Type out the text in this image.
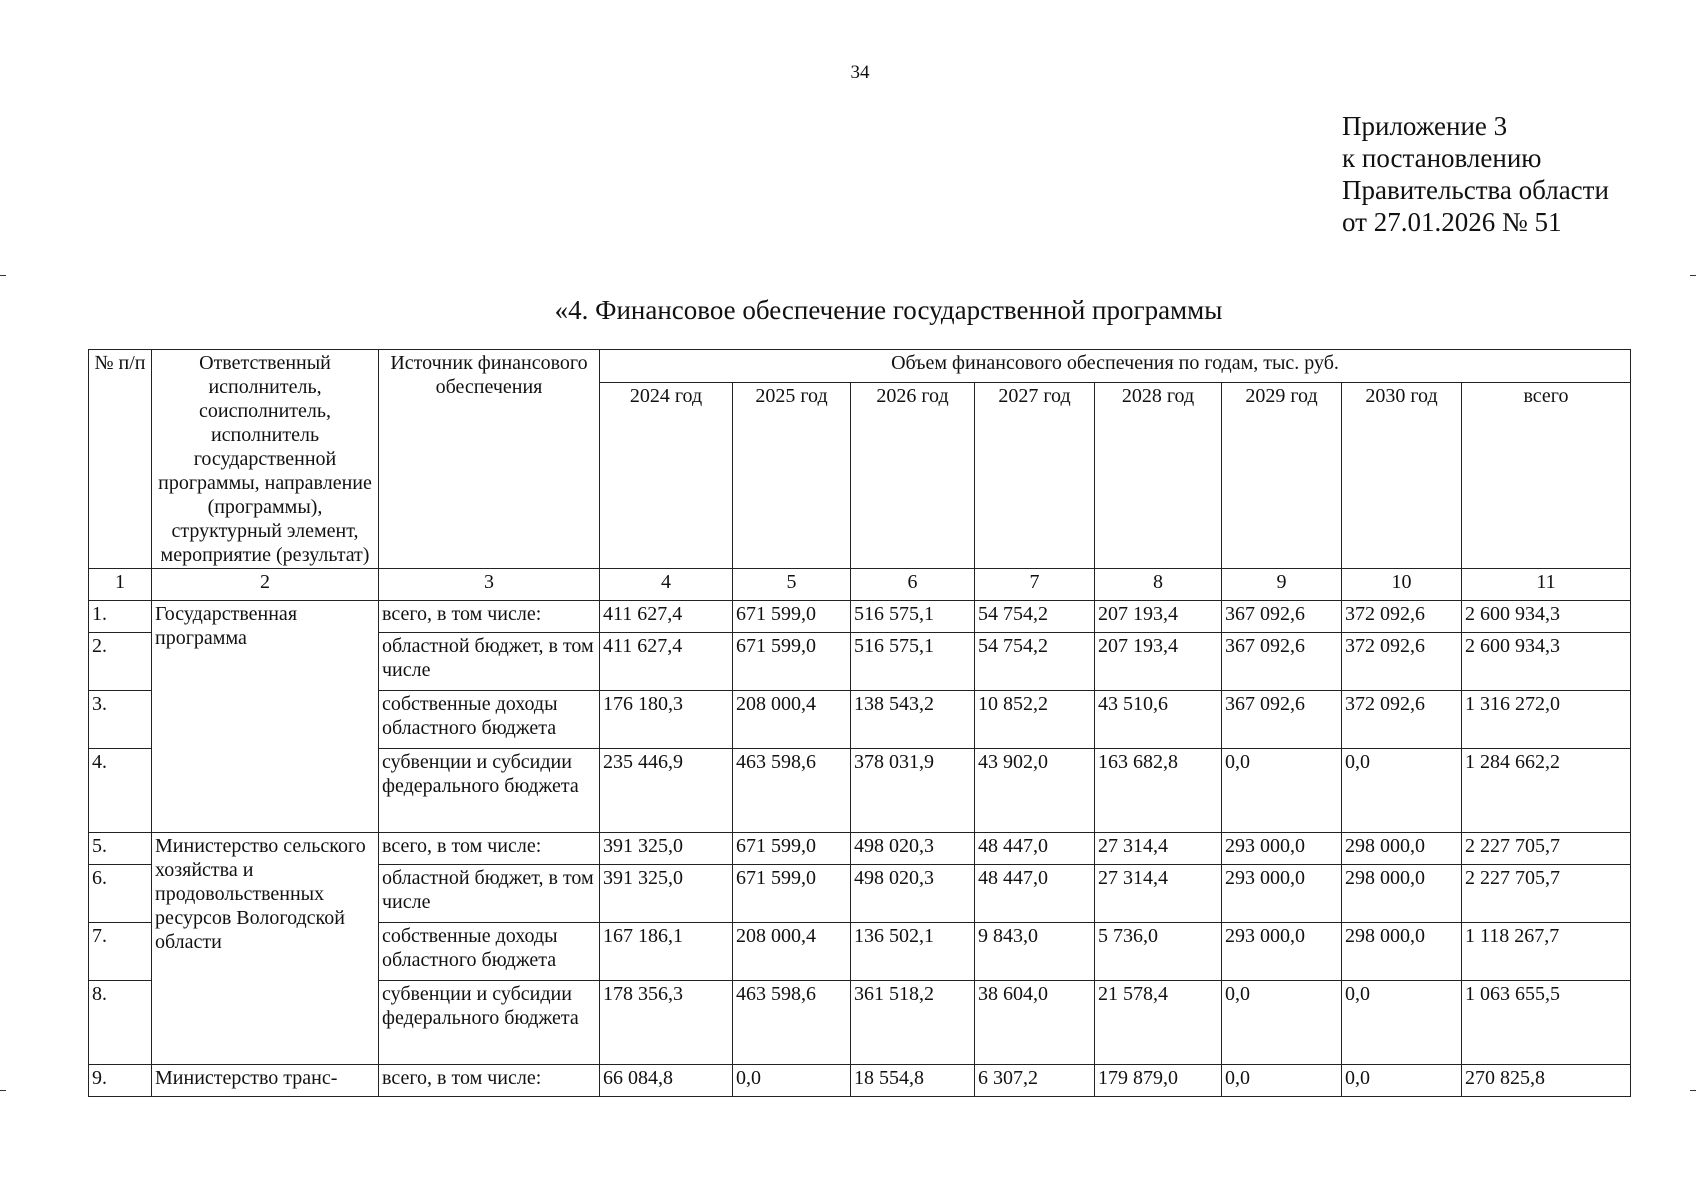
34
Приложение 3
к постановлению
Правительства области
от 27.01.2026 № 51
«4. Финансовое обеспечение государственной программы
№ п/п	Ответственный исполнитель, соисполнитель, исполнитель государственной программы, направление (программы), структурный элемент, мероприятие (результат)	Источник финансового обеспечения	Объем финансового обеспечения по годам, тыс. руб.							
			2024 год	2025 год	2026 год	2027 год	2028 год	2029 год	2030 год	всего
1	2	3	4	5	6	7	8	9	10	11
1.	Государственная программа	всего, в том числе:	411 627,4	671 599,0	516 575,1	54 754,2	207 193,4	367 092,6	372 092,6	2 600 934,3
2.		областной бюджет, в том числе	411 627,4	671 599,0	516 575,1	54 754,2	207 193,4	367 092,6	372 092,6	2 600 934,3
3.		собственные доходы областного бюджета	176 180,3	208 000,4	138 543,2	10 852,2	43 510,6	367 092,6	372 092,6	1 316 272,0
4.		субвенции и субсидии федерального бюджета	235 446,9	463 598,6	378 031,9	43 902,0	163 682,8	0,0	0,0	1 284 662,2
5.	Министерство сельского хозяйства и продовольственных ресурсов Вологодской области	всего, в том числе:	391 325,0	671 599,0	498 020,3	48 447,0	27 314,4	293 000,0	298 000,0	2 227 705,7
6.		областной бюджет, в том числе	391 325,0	671 599,0	498 020,3	48 447,0	27 314,4	293 000,0	298 000,0	2 227 705,7
7.		собственные доходы областного бюджета	167 186,1	208 000,4	136 502,1	9 843,0	5 736,0	293 000,0	298 000,0	1 118 267,7
8.		субвенции и субсидии федерального бюджета	178 356,3	463 598,6	361 518,2	38 604,0	21 578,4	0,0	0,0	1 063 655,5
9.	Министерство транс-	всего, в том числе:	66 084,8	0,0	18 554,8	6 307,2	179 879,0	0,0	0,0	270 825,8
